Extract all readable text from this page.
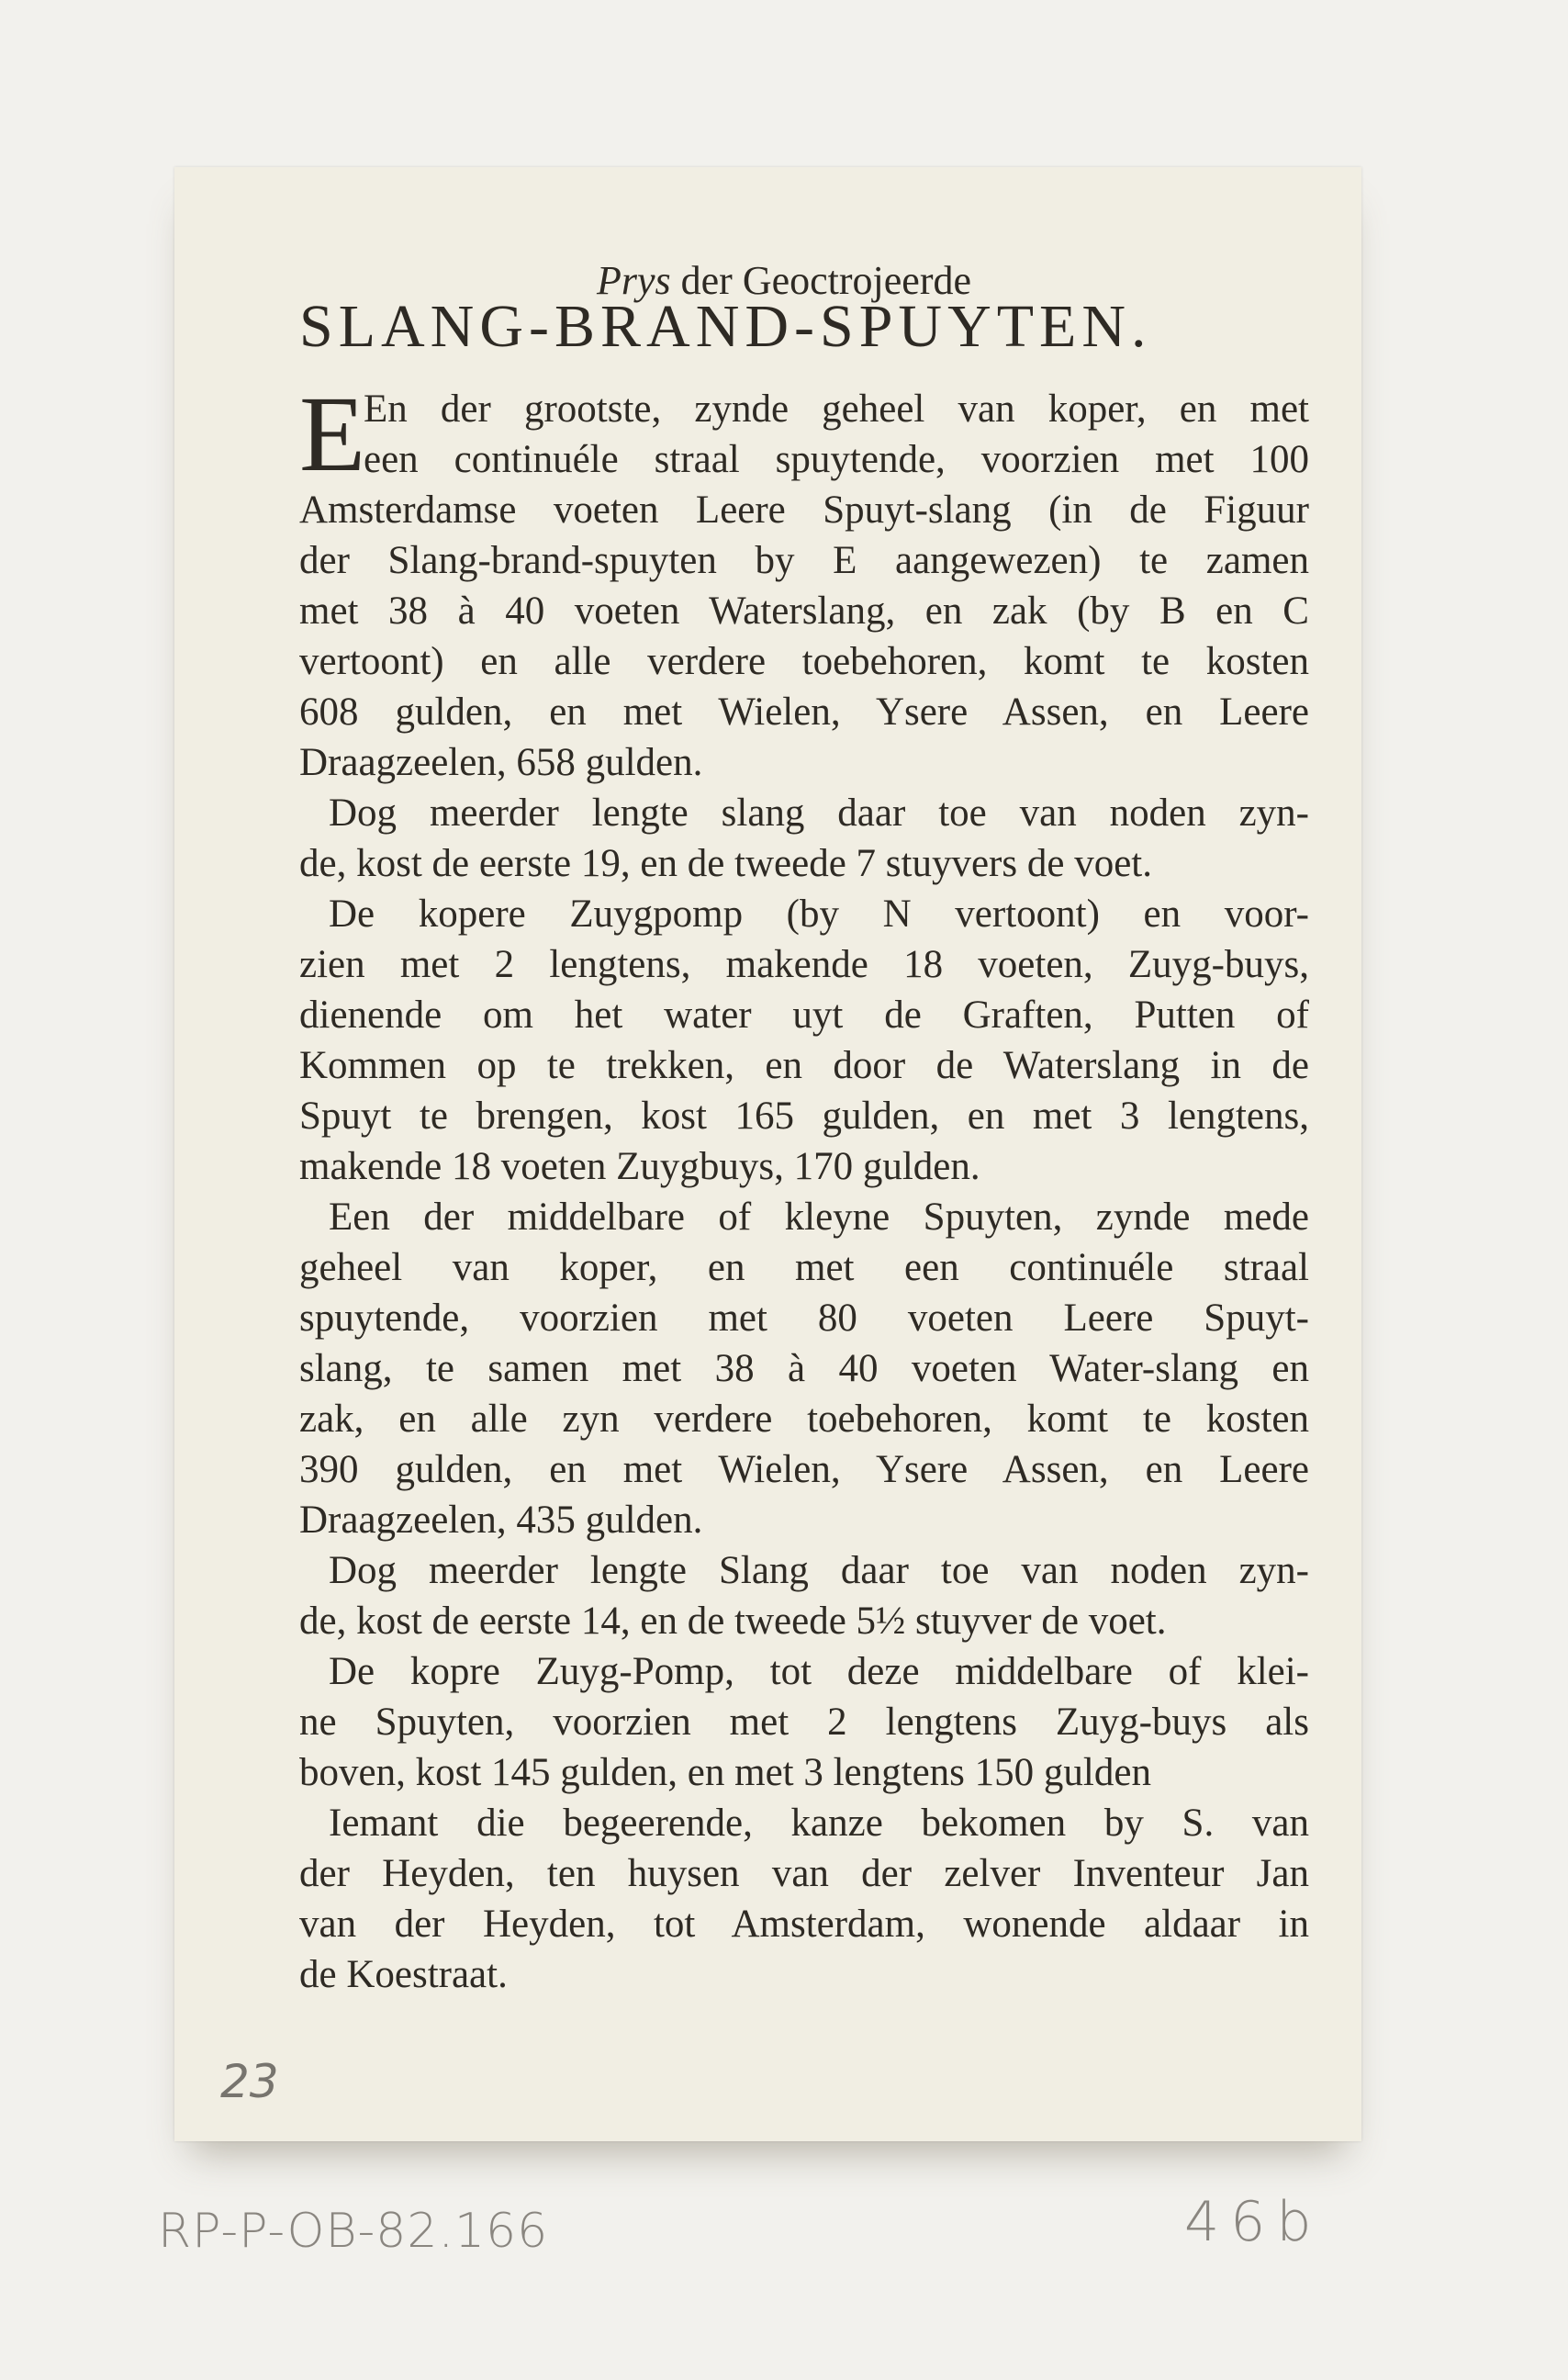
Prys der Geoctrojeerde
SLANG-BRAND-SPUYTEN.
E
En der grootste, zynde geheel van koper, en met
een continuéle straal spuytende, voorzien met 100
Amsterdamse voeten Leere Spuyt-slang (in de Figuur
der Slang-brand-spuyten by E aangewezen) te zamen
met 38 à 40 voeten Waterslang, en zak (by B en C
vertoont) en alle verdere toebehoren, komt te kosten
608 gulden, en met Wielen, Ysere Assen, en Leere
Draagzeelen, 658 gulden.
Dog meerder lengte slang daar toe van noden zyn-
de, kost de eerste 19, en de tweede 7 stuyvers de voet.
De kopere Zuygpomp (by N vertoont) en voor-
zien met 2 lengtens, makende 18 voeten, Zuyg-buys,
dienende om het water uyt de Graften, Putten of
Kommen op te trekken, en door de Waterslang in de
Spuyt te brengen, kost 165 gulden, en met 3 lengtens,
makende 18 voeten Zuygbuys, 170 gulden.
Een der middelbare of kleyne Spuyten, zynde mede
geheel van koper, en met een continuéle straal
spuytende, voorzien met 80 voeten Leere Spuyt-
slang, te samen met 38 à 40 voeten Water-slang en
zak, en alle zyn verdere toebehoren, komt te kosten
390 gulden, en met Wielen, Ysere Assen, en Leere
Draagzeelen, 435 gulden.
Dog meerder lengte Slang daar toe van noden zyn-
de, kost de eerste 14, en de tweede 5½ stuyver de voet.
De kopre Zuyg-Pomp, tot deze middelbare of klei-
ne Spuyten, voorzien met 2 lengtens Zuyg-buys als
boven, kost 145 gulden, en met 3 lengtens 150 gulden
Iemant die begeerende, kanze bekomen by S. van
der Heyden, ten huysen van der zelver Inventeur Jan
van der Heyden, tot Amsterdam, wonende aldaar in
de Koestraat.
23
RP-P-OB-82.166	46b
